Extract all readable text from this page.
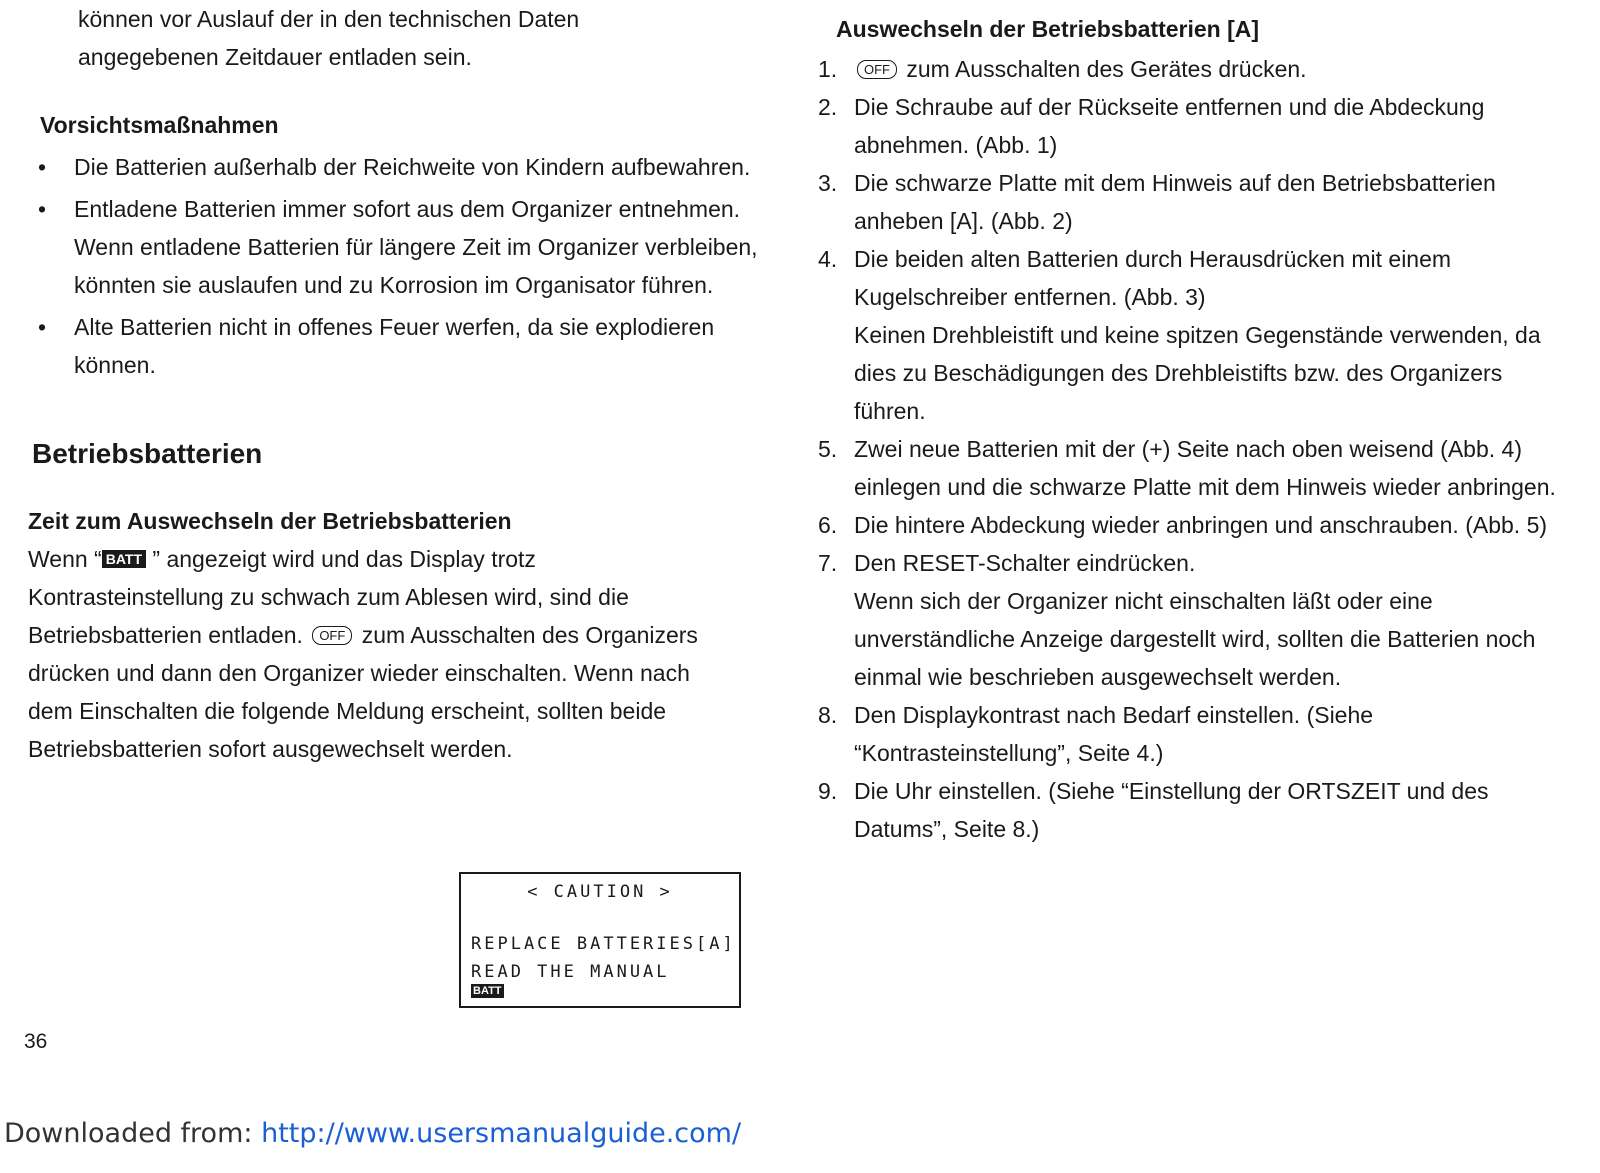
können vor Auslauf der in den technischen Daten
angegebenen Zeitdauer entladen sein.
Vorsichtsmaßnahmen
• Die Batterien außerhalb der Reichweite von Kindern aufbewahren.
• Entladene Batterien immer sofort aus dem Organizer entnehmen. Wenn entladene Batterien für längere Zeit im Organizer verbleiben, könnten sie auslaufen und zu Korrosion im Organisator führen.
• Alte Batterien nicht in offenes Feuer werfen, da sie explodieren können.
Betriebsbatterien
Zeit zum Auswechseln der Betriebsbatterien

Wenn “ BATT ” angezeigt wird und das Display trotz Kontrasteinstellung zu schwach zum Ablesen wird, sind die Betriebsbatterien entladen. OFF zum Ausschalten des Organizers drücken und dann den Organizer wieder einschalten. Wenn nach dem Einschalten die folgende Meldung erscheint, sollten beide Betriebsbatterien sofort ausgewechselt werden.

< CAUTION >
REPLACE BATTERIES[A]
READ THE MANUAL
BATT
Auswechseln der Betriebsbatterien [A]
1.	OFF zum Ausschalten des Gerätes drücken.
2. Die Schraube auf der Rückseite entfernen und die Abdeckung abnehmen. (Abb. 1)
3. Die schwarze Platte mit dem Hinweis auf den Betriebsbatterien anheben [A]. (Abb. 2)
4. Die beiden alten Batterien durch Herausdrücken mit einem Kugelschreiber entfernen. (Abb. 3)
Keinen Drehbleistift und keine spitzen Gegenstände verwenden, da dies zu Beschädigungen des Drehbleistifts bzw. des Organizers führen.
5. Zwei neue Batterien mit der (+) Seite nach oben weisend (Abb. 4) einlegen und die schwarze Platte mit dem Hinweis wieder anbringen.
6. Die hintere Abdeckung wieder anbringen und anschrauben. (Abb. 5)
7. Den RESET-Schalter eindrücken.
Wenn sich der Organizer nicht einschalten läßt oder eine unverständliche Anzeige dargestellt wird, sollten die Batterien noch einmal wie beschrieben ausgewechselt werden.
8. Den Displaykontrast nach Bedarf einstellen. (Siehe “Kontrasteinstellung”, Seite 4.)
9. Die Uhr einstellen. (Siehe “Einstellung der ORTSZEIT und des Datums”, Seite 8.)
36
Downloaded from: http://www.usersmanualguide.com/
